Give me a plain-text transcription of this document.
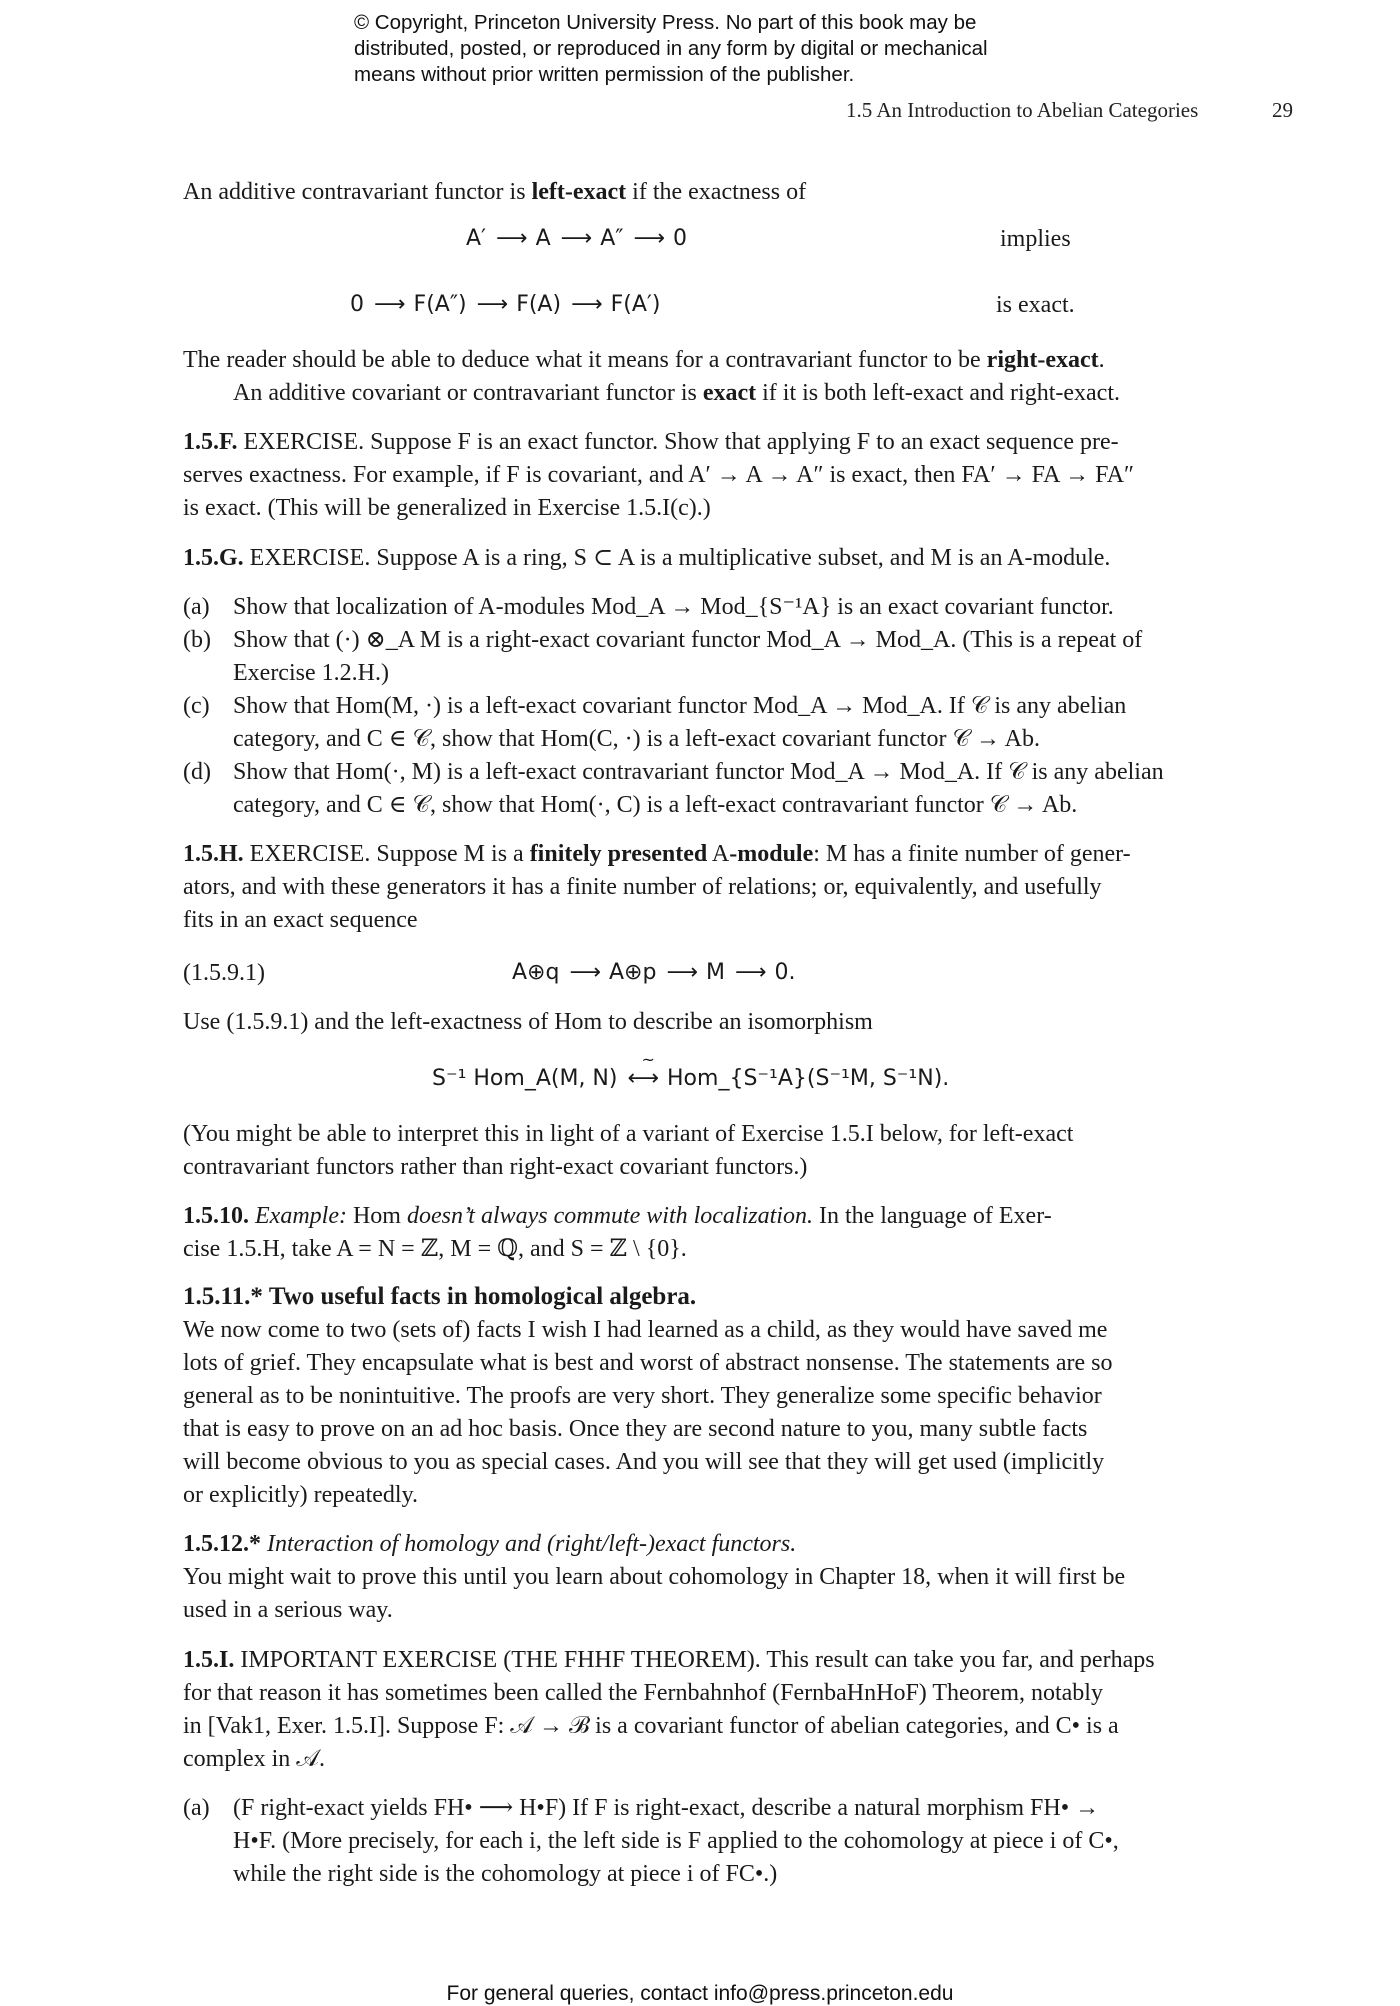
© Copyright, Princeton University Press. No part of this book may be
distributed, posted, or reproduced in any form by digital or mechanical
means without prior written permission of the publisher.
1.5 An Introduction to Abelian Categories	29

An additive contravariant functor is left-exact if the exactness of

A′ ⟶ A ⟶ A″ ⟶ 0	implies
0 ⟶ F(A″) ⟶ F(A) ⟶ F(A′)	is exact.

The reader should be able to deduce what it means for a contravariant functor to be right-exact.

An additive covariant or contravariant functor is exact if it is both left-exact and right-exact.

1.5.F. EXERCISE. Suppose F is an exact functor. Show that applying F to an exact sequence pre-

serves exactness. For example, if F is covariant, and A′ → A → A″ is exact, then FA′ → FA → FA″

is exact. (This will be generalized in Exercise 1.5.I(c).)

1.5.G. EXERCISE. Suppose A is a ring, S ⊂ A is a multiplicative subset, and M is an A-module.

(a) Show that localization of A-modules Mod_A → Mod_{S⁻¹A} is an exact covariant functor.

(b) Show that (·) ⊗_A M is a right-exact covariant functor Mod_A → Mod_A. (This is a repeat of

Exercise 1.2.H.)

(c) Show that Hom(M, ·) is a left-exact covariant functor Mod_A → Mod_A. If 𝒞 is any abelian

category, and C ∈ 𝒞, show that Hom(C, ·) is a left-exact covariant functor 𝒞 → Ab.

(d) Show that Hom(·, M) is a left-exact contravariant functor Mod_A → Mod_A. If 𝒞 is any abelian

category, and C ∈ 𝒞, show that Hom(·, C) is a left-exact contravariant functor 𝒞 → Ab.

1.5.H. EXERCISE. Suppose M is a finitely presented A-module: M has a finite number of gener-

ators, and with these generators it has a finite number of relations; or, equivalently, and usefully

fits in an exact sequence

(1.5.9.1)	A⊕q ⟶ A⊕p ⟶ M ⟶ 0.

Use (1.5.9.1) and the left-exactness of Hom to describe an isomorphism

S⁻¹ Hom_A(M, N) ⟷
~
Hom_{S⁻¹A}(S⁻¹M, S⁻¹N).

(You might be able to interpret this in light of a variant of Exercise 1.5.I below, for left-exact

contravariant functors rather than right-exact covariant functors.)

1.5.10. Example: Hom doesn’t always commute with localization. In the language of Exer-

cise 1.5.H, take A = N = ℤ, M = ℚ, and S = ℤ \ {0}.

1.5.11.* Two useful facts in homological algebra.

We now come to two (sets of) facts I wish I had learned as a child, as they would have saved me

lots of grief. They encapsulate what is best and worst of abstract nonsense. The statements are so

general as to be nonintuitive. The proofs are very short. They generalize some specific behavior

that is easy to prove on an ad hoc basis. Once they are second nature to you, many subtle facts

will become obvious to you as special cases. And you will see that they will get used (implicitly

or explicitly) repeatedly.

1.5.12.* Interaction of homology and (right/left-)exact functors.

You might wait to prove this until you learn about cohomology in Chapter 18, when it will first be

used in a serious way.

1.5.I. IMPORTANT EXERCISE (THE FHHF THEOREM). This result can take you far, and perhaps

for that reason it has sometimes been called the Fernbahnhof (FernbaHnHoF) Theorem, notably

in [Vak1, Exer. 1.5.I]. Suppose F: 𝒜 → ℬ is a covariant functor of abelian categories, and C• is a

complex in 𝒜.

(a) (F right-exact yields FH• ⟶ H•F) If F is right-exact, describe a natural morphism FH• →

H•F. (More precisely, for each i, the left side is F applied to the cohomology at piece i of C•,

while the right side is the cohomology at piece i of FC•.)

For general queries, contact info@press.princeton.edu
